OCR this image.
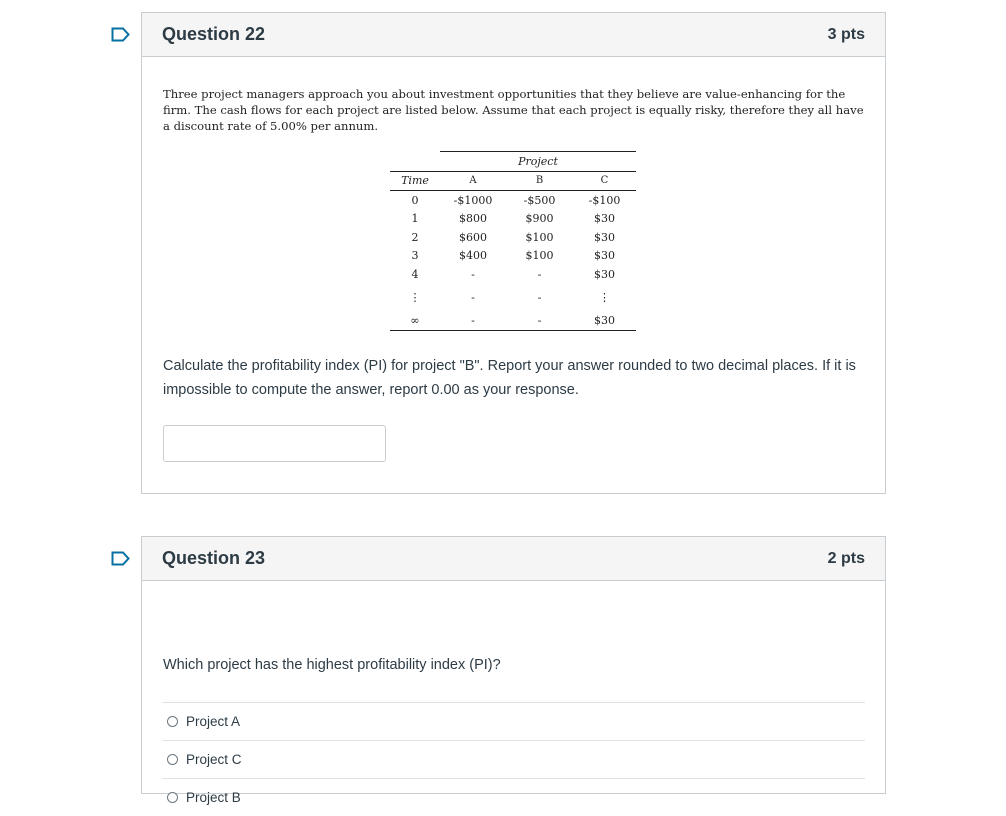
Question 22	3 pts

Three project managers approach you about investment opportunities that they believe are value-enhancing for the firm. The cash flows for each project are listed below. Assume that each project is equally risky, therefore they all have a discount rate of 5.00% per annum.

	Project		
Time	A	B	C
0	-$1000	-$500	-$100
1	$800	$900	$30
2	$600	$100	$30
3	$400	$100	$30
4	-	-	$30
⋮	-	-	⋮
∞	-	-	$30

Calculate the profitability index (PI) for project "B". Report your answer rounded to two decimal places. If it is impossible to compute the answer, report 0.00 as your response.

Question 23	2 pts

Which project has the highest profitability index (PI)?

Project A
Project C
Project B
